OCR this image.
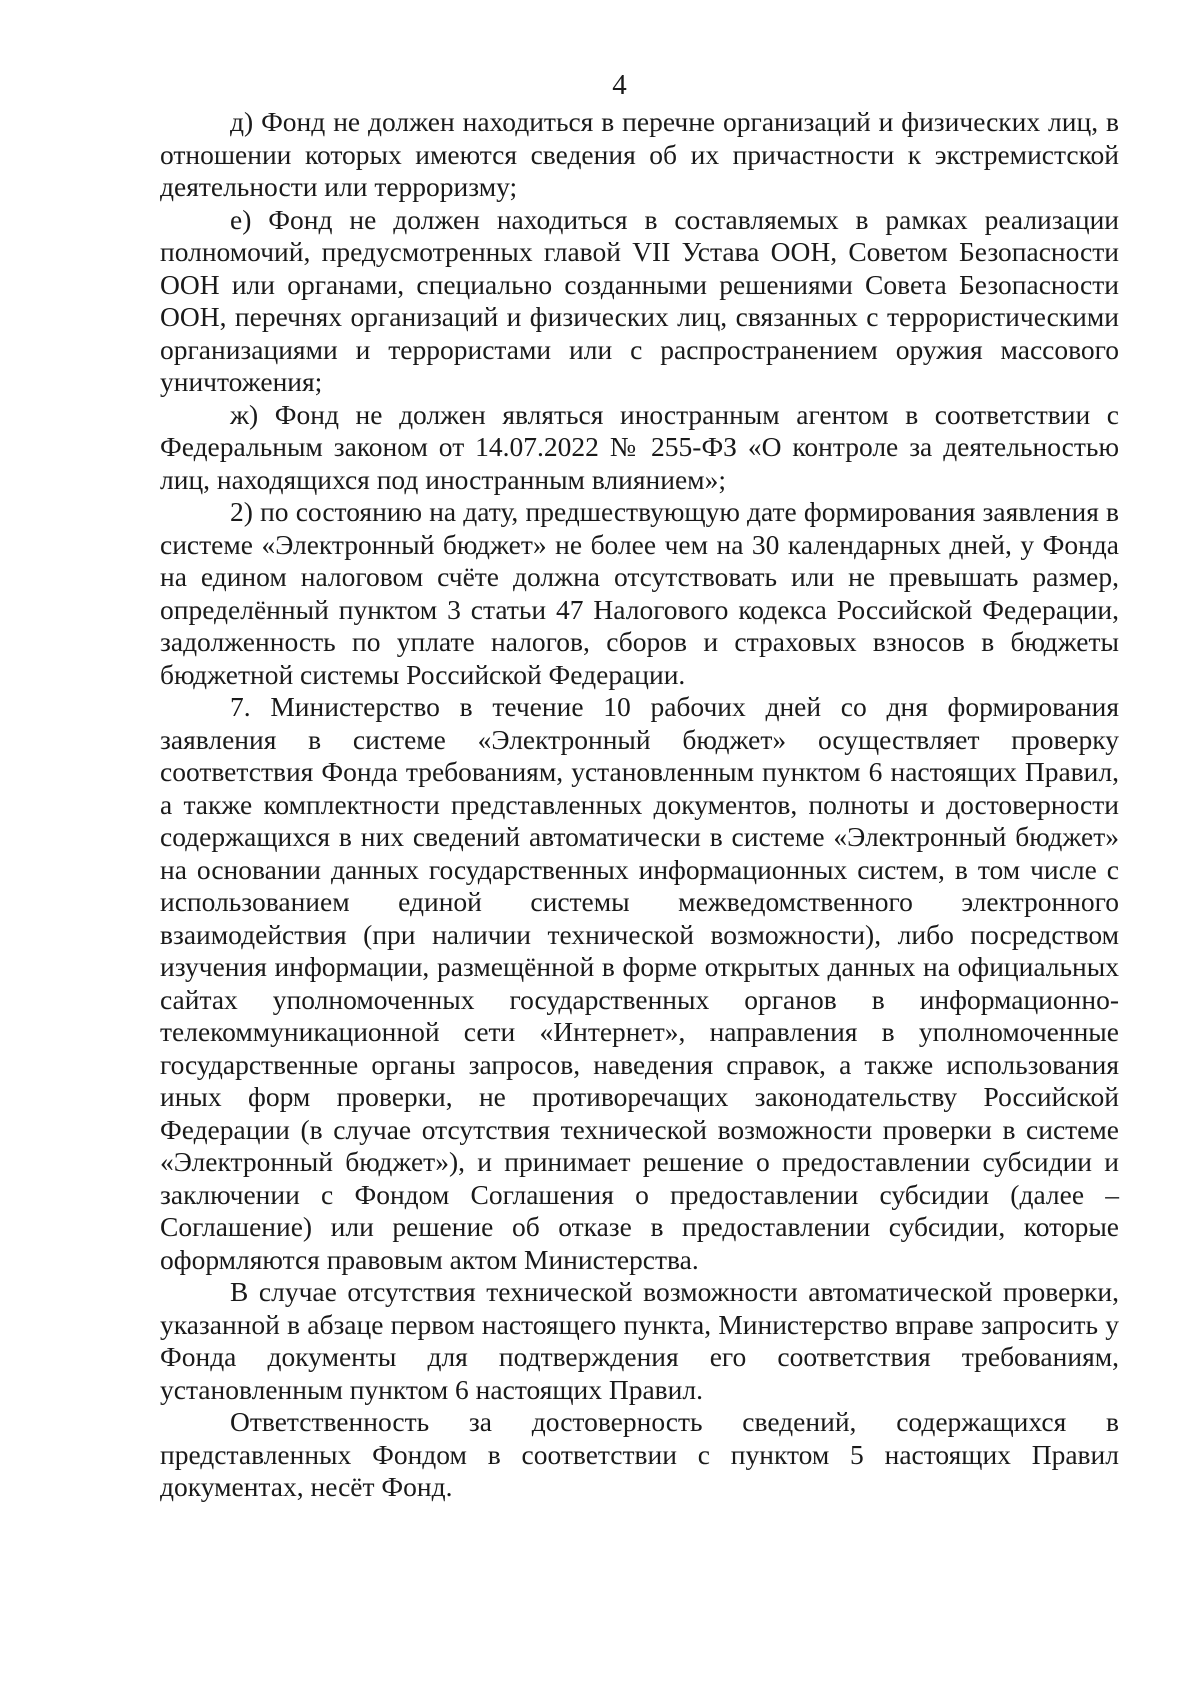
4

д) Фонд не должен находиться в перечне организаций и физических лиц, в отношении которых имеются сведения об их причастности к экстремистской деятельности или терроризму;

е) Фонд не должен находиться в составляемых в рамках реализации полномочий, предусмотренных главой VII Устава ООН, Советом Безопасности ООН или органами, специально созданными решениями Совета Безопасности ООН, перечнях организаций и физических лиц, связанных с террористическими организациями и террористами или с распространением оружия массового уничтожения;

ж) Фонд не должен являться иностранным агентом в соответствии с Федеральным законом от 14.07.2022 № 255-ФЗ «О контроле за деятельностью лиц, находящихся под иностранным влиянием»;

2) по состоянию на дату, предшествующую дате формирования заявления в системе «Электронный бюджет» не более чем на 30 календарных дней, у Фонда на едином налоговом счёте должна отсутствовать или не превышать размер, определённый пунктом 3 статьи 47 Налогового кодекса Российской Федерации, задолженность по уплате налогов, сборов и страховых взносов в бюджеты бюджетной системы Российской Федерации.

7. Министерство в течение 10 рабочих дней со дня формирования заявления в системе «Электронный бюджет» осуществляет проверку соответствия Фонда требованиям, установленным пунктом 6 настоящих Правил, а также комплектности представленных документов, полноты и достоверности содержащихся в них сведений автоматически в системе «Электронный бюджет» на основании данных государственных информационных систем, в том числе с использованием единой системы межведомственного электронного взаимодействия (при наличии технической возможности), либо посредством изучения информации, размещённой в форме открытых данных на официальных сайтах уполномоченных государственных органов в информационно-телекоммуникационной сети «Интернет», направления в уполномоченные государственные органы запросов, наведения справок, а также использования иных форм проверки, не противоречащих законодательству Российской Федерации (в случае отсутствия технической возможности проверки в системе «Электронный бюджет»), и принимает решение о предоставлении субсидии и заключении с Фондом Соглашения о предоставлении субсидии (далее – Соглашение) или решение об отказе в предоставлении субсидии, которые оформляются правовым актом Министерства.

В случае отсутствия технической возможности автоматической проверки, указанной в абзаце первом настоящего пункта, Министерство вправе запросить у Фонда документы для подтверждения его соответствия требованиям, установленным пунктом 6 настоящих Правил.

Ответственность за достоверность сведений, содержащихся в представленных Фондом в соответствии с пунктом 5 настоящих Правил документах, несёт Фонд.
